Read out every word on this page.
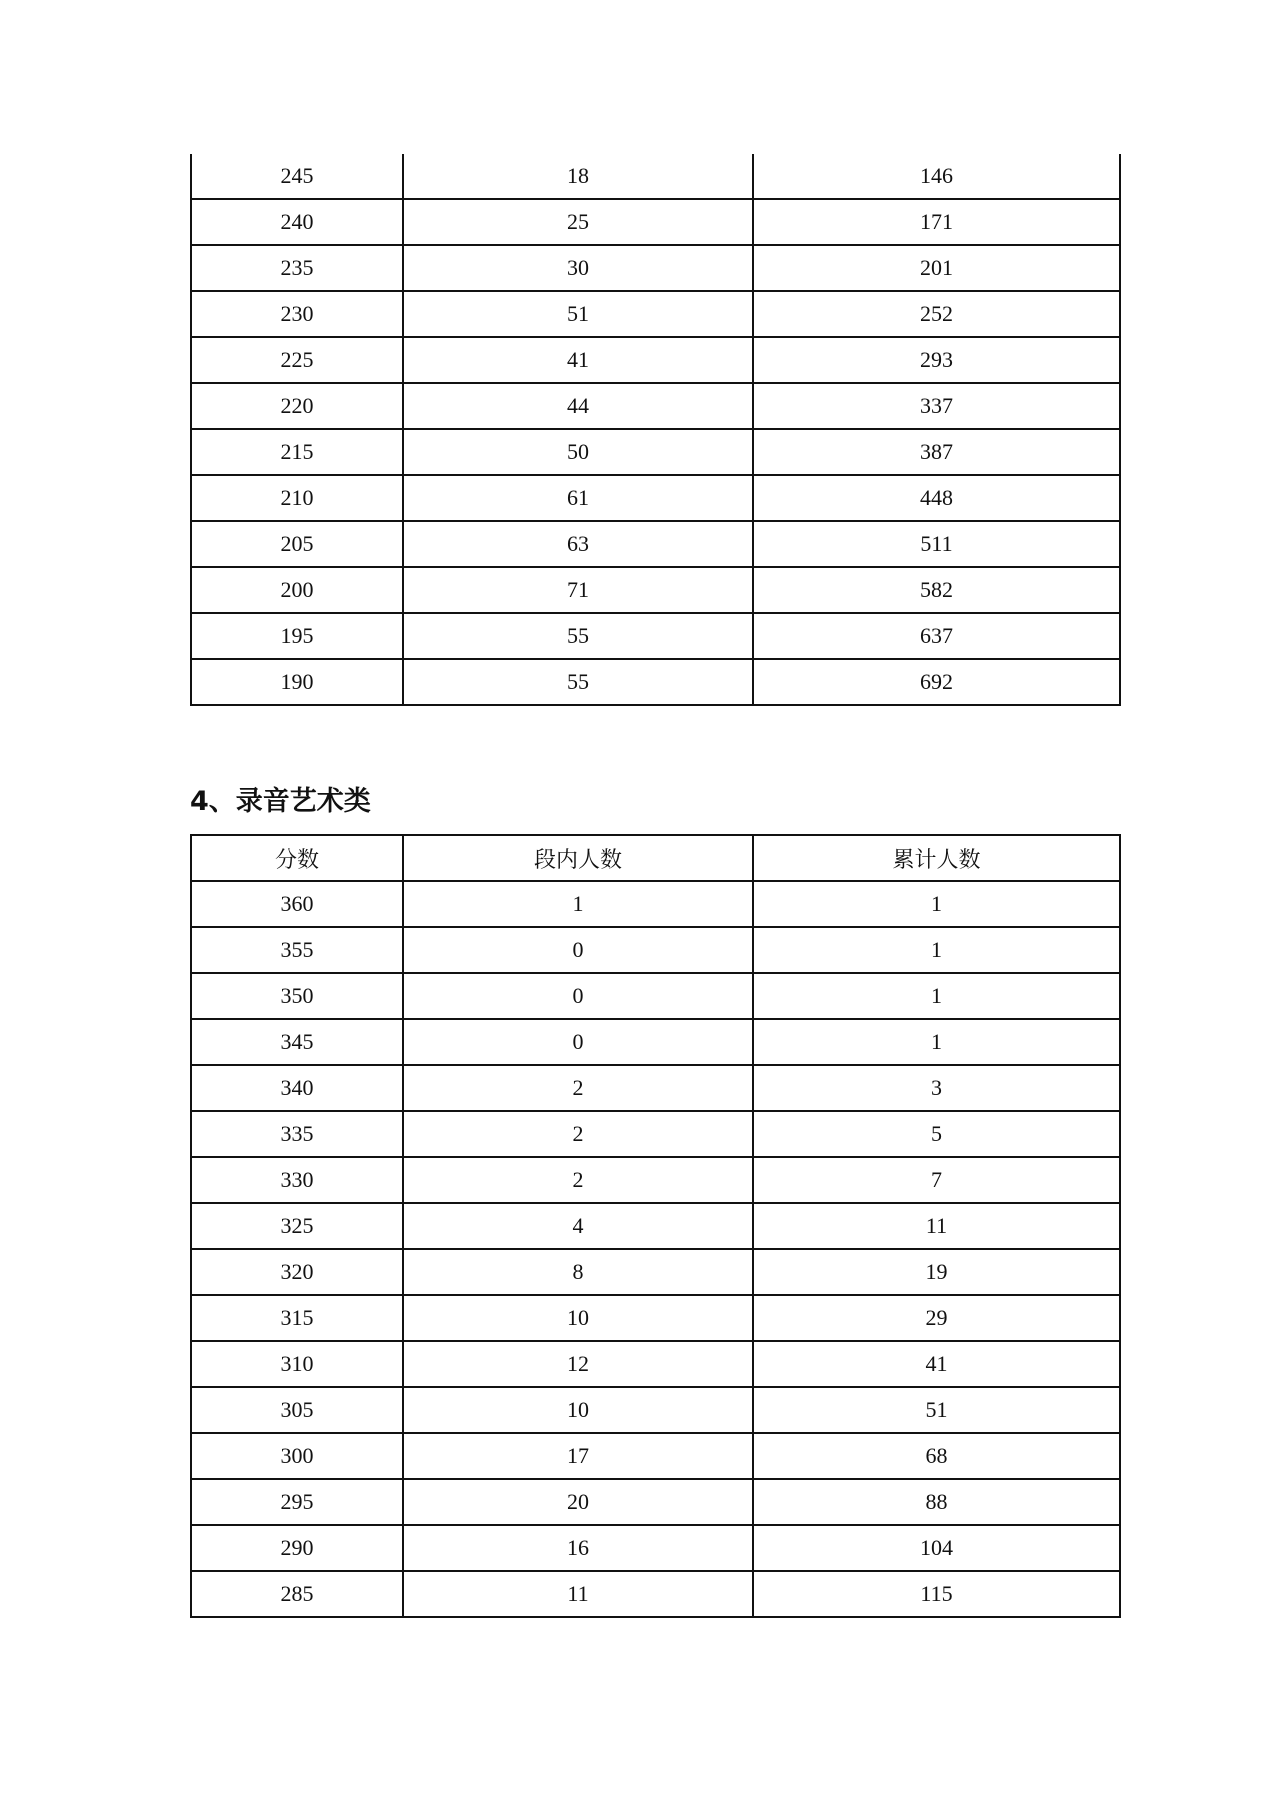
245	18	146
240	25	171
235	30	201
230	51	252
225	41	293
220	44	337
215	50	387
210	61	448
205	63	511
200	71	582
195	55	637
190	55	692
4、录音艺术类
分数	段内人数	累计人数
360	1	1
355	0	1
350	0	1
345	0	1
340	2	3
335	2	5
330	2	7
325	4	11
320	8	19
315	10	29
310	12	41
305	10	51
300	17	68
295	20	88
290	16	104
285	11	115
